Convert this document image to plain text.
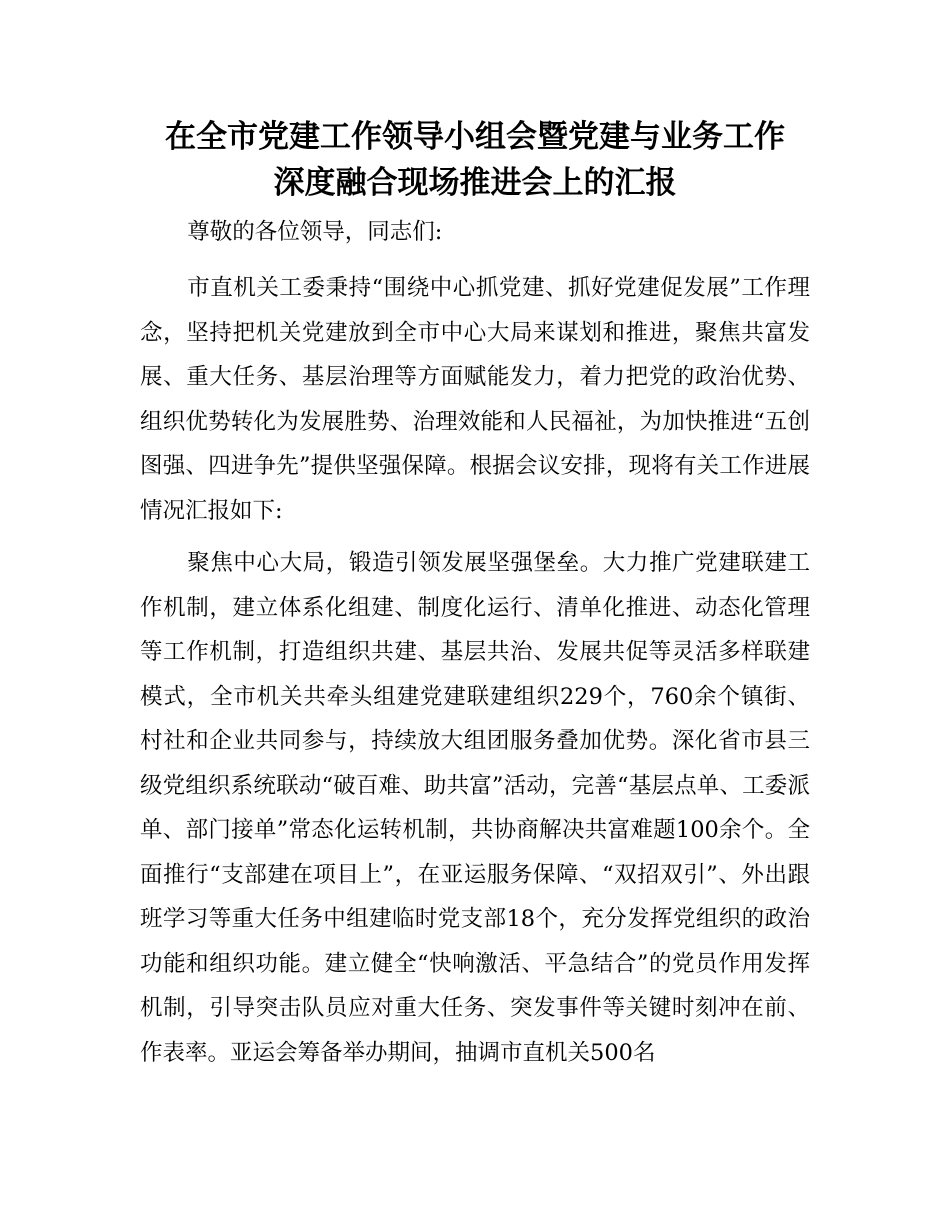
在全市党建工作领导小组会暨党建与业务工作
深度融合现场推进会上的汇报

尊敬的各位领导，同志们:

市直机关工委秉持“围绕中心抓党建、抓好党建促发展”工作理念，坚持把机关党建放到全市中心大局来谋划和推进，聚焦共富发展、重大任务、基层治理等方面赋能发力，着力把党的政治优势、组织优势转化为发展胜势、治理效能和人民福祉，为加快推进“五创图强、四进争先”提供坚强保障。根据会议安排，现将有关工作进展情况汇报如下:

聚焦中心大局，锻造引领发展坚强堡垒。大力推广党建联建工作机制，建立体系化组建、制度化运行、清单化推进、动态化管理等工作机制，打造组织共建、基层共治、发展共促等灵活多样联建模式，全市机关共牵头组建党建联建组织229个，760余个镇街、村社和企业共同参与，持续放大组团服务叠加优势。深化省市县三级党组织系统联动“破百难、助共富”活动，完善“基层点单、工委派单、部门接单”常态化运转机制，共协商解决共富难题100余个。全面推行“支部建在项目上”，在亚运服务保障、“双招双引”、外出跟班学习等重大任务中组建临时党支部18个，充分发挥党组织的政治功能和组织功能。建立健全“快响激活、平急结合”的党员作用发挥机制，引导突击队员应对重大任务、突发事件等关键时刻冲在前、作表率。亚运会筹备举办期间，抽调市直机关500名
